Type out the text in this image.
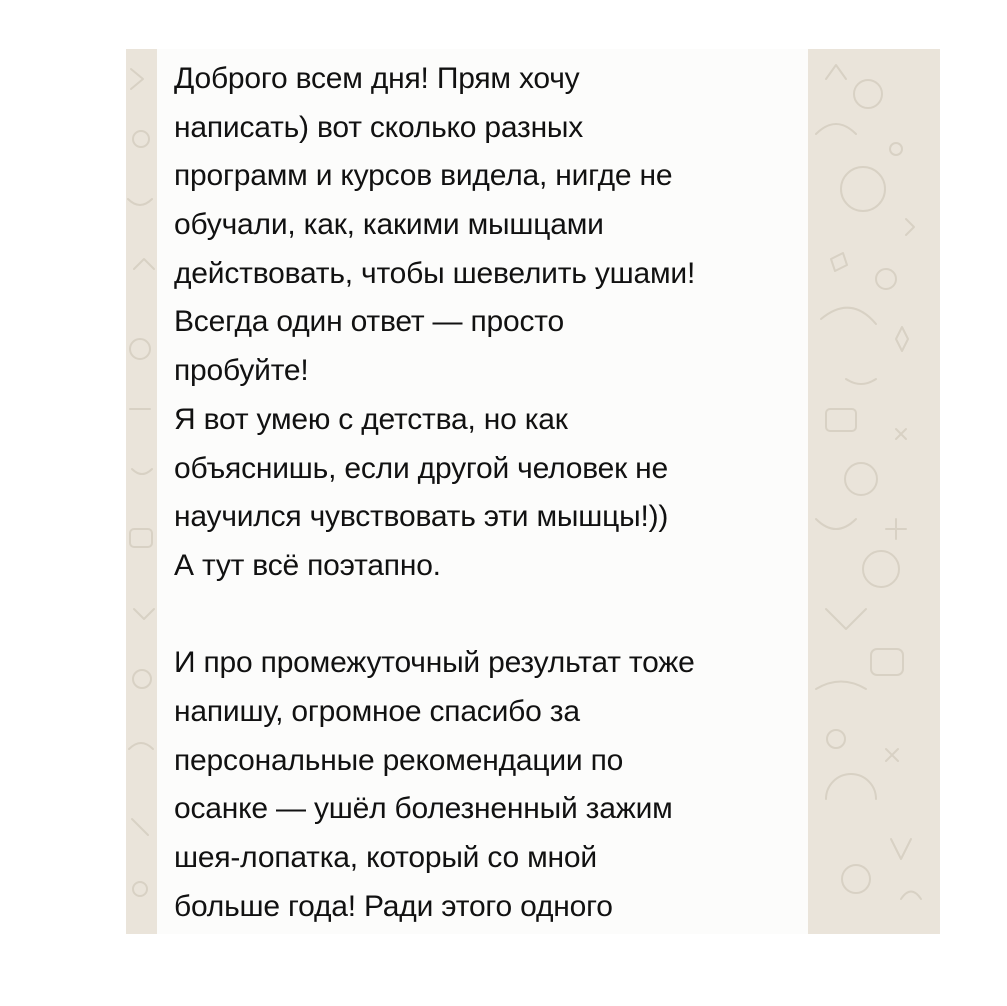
Доброго всем дня! Прям хочу
написать) вот сколько разных
программ и курсов видела, нигде не
обучали, как, какими мышцами
действовать, чтобы шевелить ушами!
Всегда один ответ — просто
пробуйте!
Я вот умею с детства, но как
объяснишь, если другой человек не
научился чувствовать эти мышцы!))
А тут всё поэтапно.
И про промежуточный результат тоже
напишу, огромное спасибо за
персональные рекомендации по
осанке — ушёл болезненный зажим
шея-лопатка, который со мной
больше года! Ради этого одного
